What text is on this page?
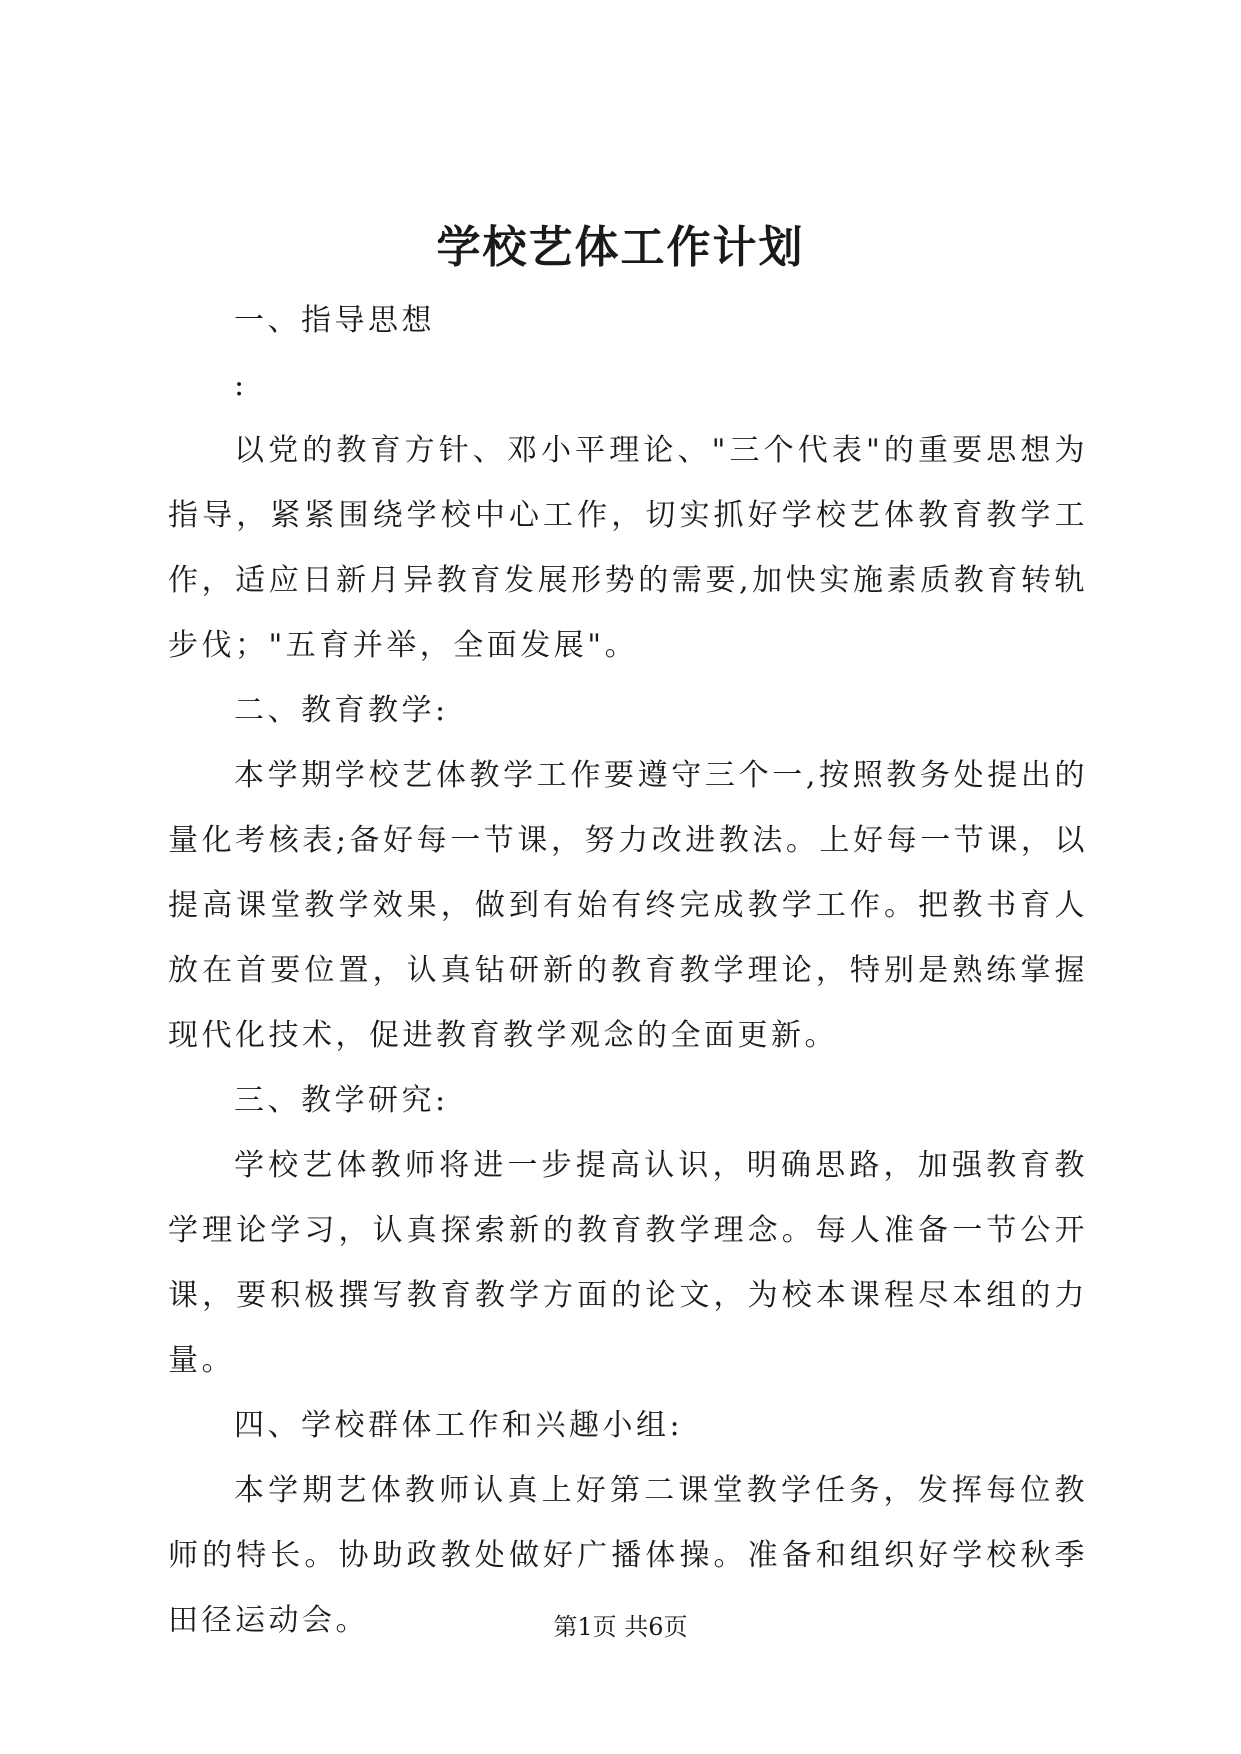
学校艺体工作计划

一、指导思想

:

以党的教育方针、邓小平理论、"三个代表"的重要思想为指导，紧紧围绕学校中心工作，切实抓好学校艺体教育教学工作，适应日新月异教育发展形势的需要,加快实施素质教育转轨步伐；"五育并举，全面发展"。

二、教育教学:

本学期学校艺体教学工作要遵守三个一,按照教务处提出的量化考核表;备好每一节课，努力改进教法。上好每一节课，以提高课堂教学效果，做到有始有终完成教学工作。把教书育人放在首要位置，认真钻研新的教育教学理论，特别是熟练掌握现代化技术，促进教育教学观念的全面更新。

三、教学研究:

学校艺体教师将进一步提高认识，明确思路，加强教育教学理论学习，认真探索新的教育教学理念。每人准备一节公开课，要积极撰写教育教学方面的论文，为校本课程尽本组的力量。

四、学校群体工作和兴趣小组:

本学期艺体教师认真上好第二课堂教学任务，发挥每位教师的特长。协助政教处做好广播体操。准备和组织好学校秋季田径运动会。	第1页 共6页
